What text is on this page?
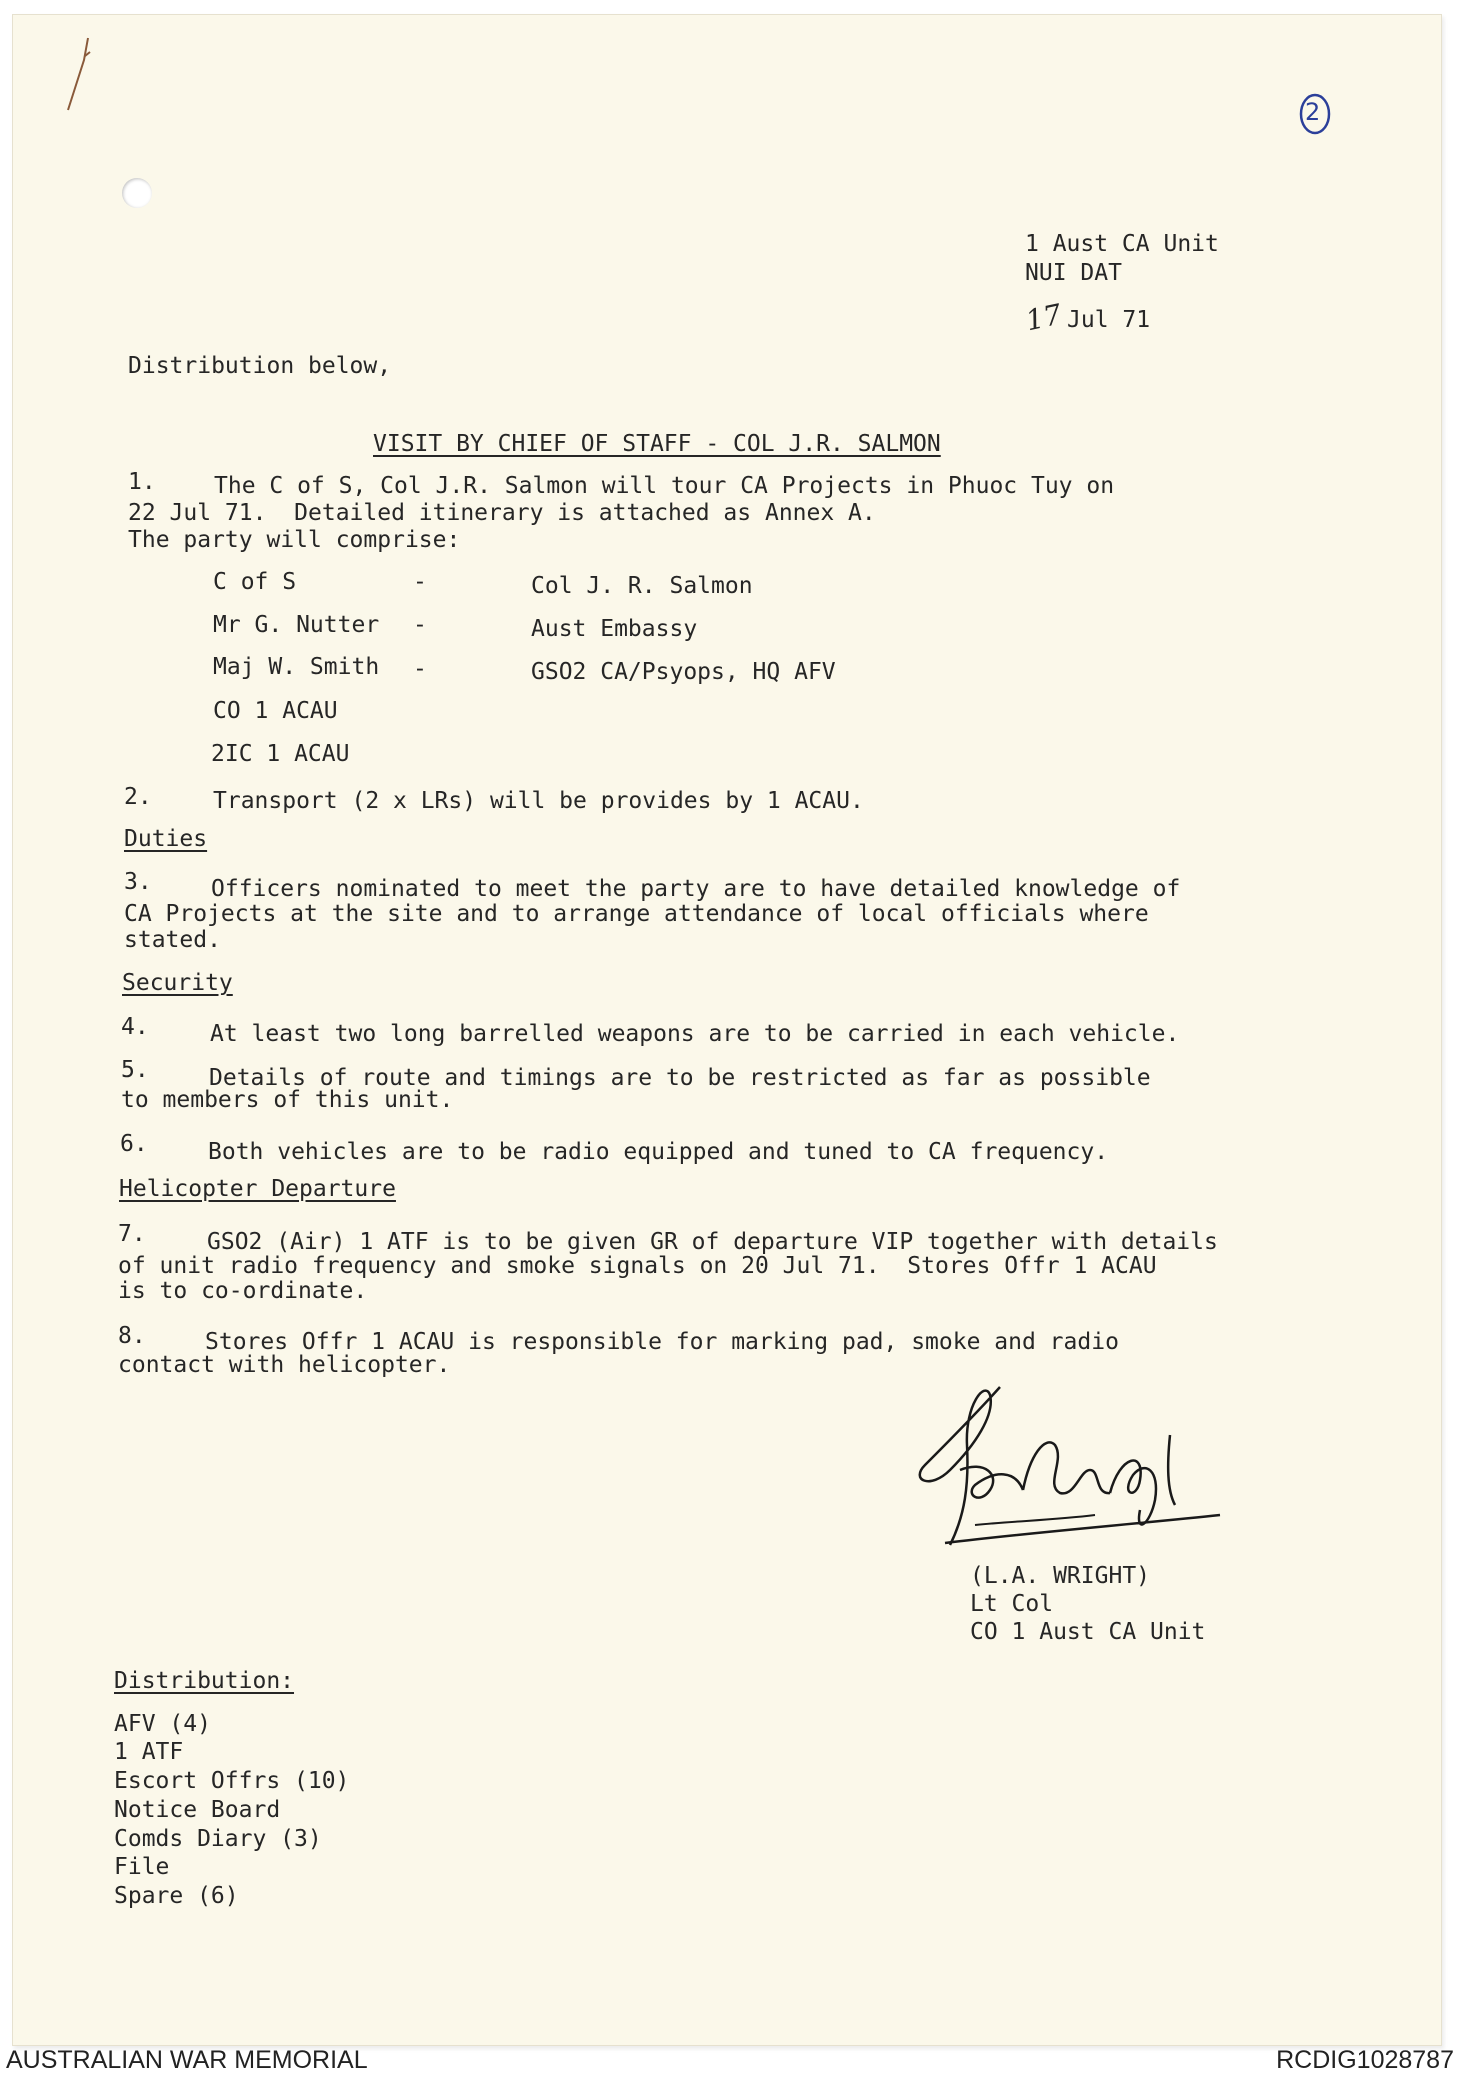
2
1 Aust CA Unit
NUI DAT
17 Jul 71
Distribution below,
VISIT BY CHIEF OF STAFF - COL J.R. SALMON
1.	The C of S, Col J.R. Salmon will tour CA Projects in Phuoc Tuy on
22 Jul 71.  Detailed itinerary is attached as Annex A.
The party will comprise:
C of S	-	Col J. R. Salmon
Mr G. Nutter -	Aust Embassy
Maj W. Smith -	GSO2 CA/Psyops, HQ AFV
CO 1 ACAU
2IC 1 ACAU
2.	Transport (2 x LRs) will be provides by 1 ACAU.
Duties
3.	Officers nominated to meet the party are to have detailed knowledge of
CA Projects at the site and to arrange attendance of local officials where
stated.
Security
4.	At least two long barrelled weapons are to be carried in each vehicle.
5.	Details of route and timings are to be restricted as far as possible
to members of this unit.
6.	Both vehicles are to be radio equipped and tuned to CA frequency.
Helicopter Departure
7.	GSO2 (Air) 1 ATF is to be given GR of departure VIP together with details
of unit radio frequency and smoke signals on 20 Jul 71.  Stores Offr 1 ACAU
is to co-ordinate.
8.	Stores Offr 1 ACAU is responsible for marking pad, smoke and radio
contact with helicopter.
(L.A. WRIGHT)
Lt Col
CO 1 Aust CA Unit
Distribution:
AFV (4)
1 ATF
Escort Offrs (10)
Notice Board
Comds Diary (3)
File
Spare (6)
AUSTRALIAN WAR MEMORIAL	RCDIG1028787
